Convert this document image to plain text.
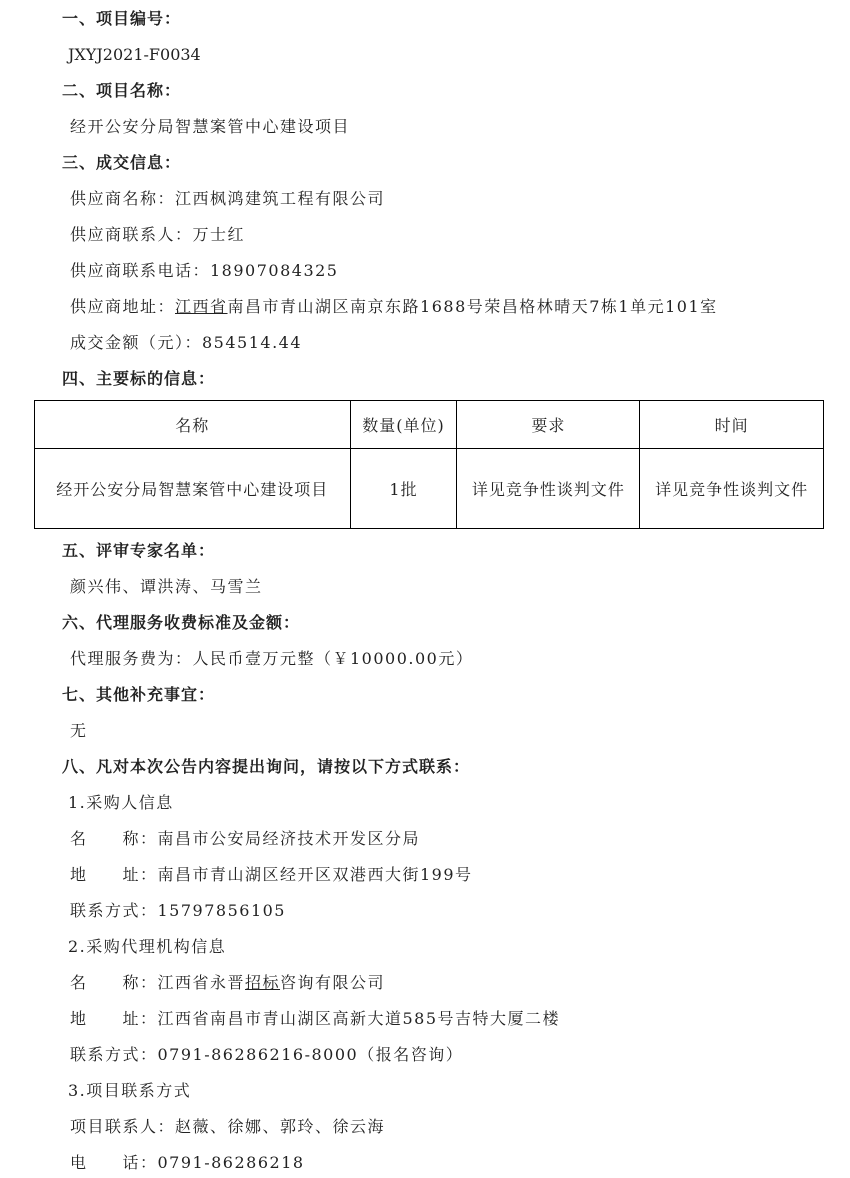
一、项目编号：
JXYJ2021-F0034
二、项目名称：
经开公安分局智慧案管中心建设项目
三、成交信息：
供应商名称：江西枫鸿建筑工程有限公司
供应商联系人：万士红
供应商联系电话：18907084325
供应商地址：江西省南昌市青山湖区南京东路1688号荣昌格林晴天7栋1单元101室
成交金额（元）：854514.44
四、主要标的信息：
名称	数量(单位)	要求	时间
经开公安分局智慧案管中心建设项目	1批	详见竞争性谈判文件	详见竞争性谈判文件
五、评审专家名单：
颜兴伟、谭洪涛、马雪兰
六、代理服务收费标准及金额：
代理服务费为：人民币壹万元整（￥10000.00元）
七、其他补充事宜：
无
八、凡对本次公告内容提出询问，请按以下方式联系：
1.采购人信息
名　　称：南昌市公安局经济技术开发区分局
地　　址：南昌市青山湖区经开区双港西大街199号
联系方式：15797856105
2.采购代理机构信息
名　　称：江西省永晋招标咨询有限公司
地　　址：江西省南昌市青山湖区高新大道585号吉特大厦二楼
联系方式：0791-86286216-8000（报名咨询）
3.项目联系方式
项目联系人：赵薇、徐娜、郭玲、徐云海
电　　话：0791-86286218
